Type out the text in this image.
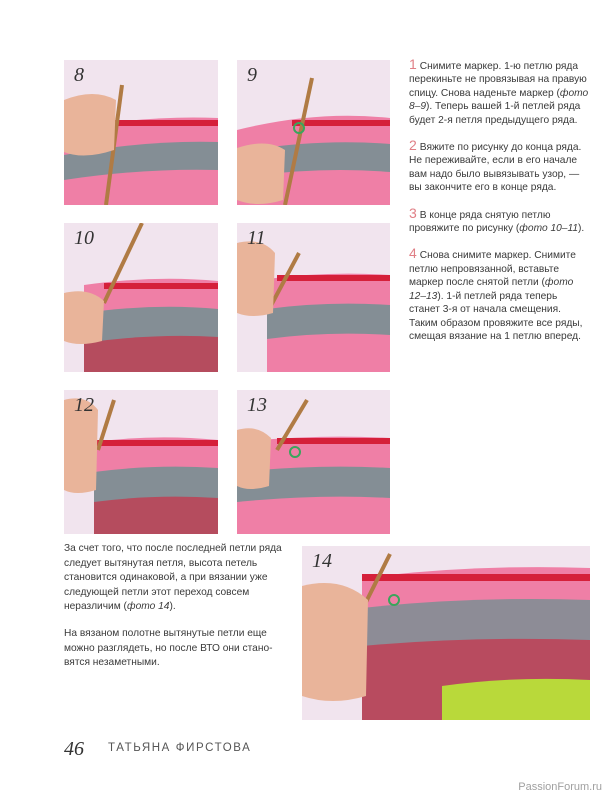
8	9
10	11
12	13
14

1 Снимите маркер. 1-ю петлю ряда перекиньте не провязывая на правую спицу. Снова наденьте маркер (фото 8–9). Теперь вашей 1-й петлей ряда будет 2-я петля предыдущего ряда.

2 Вяжите по рисунку до конца ряда. Не переживайте, если в его начале вам надо было вывязывать узор, — вы закончите его в конце ряда.

3 В конце ряда снятую петлю провяжите по рисунку (фото 10–11).

4 Снова снимите маркер. Снимите петлю непровязанной, вставьте маркер после снятой петли (фото 12–13). 1-й петлей ряда теперь станет 3-я от начала смещения. Таким образом провяжите все ряды, смещая вязание на 1 петлю вперед.

За счет того, что после последней петли ряда следует вытянутая петля, высота петель становится одинаковой, а при вязании уже следующей петли этот переход совсем неразличим (фото 14).

На вязаном полотне вытянутые петли еще можно разглядеть, но после ВТО они становятся незаметными.

46 ТАТЬЯНА ФИРСТОВА
PassionForum.ru
